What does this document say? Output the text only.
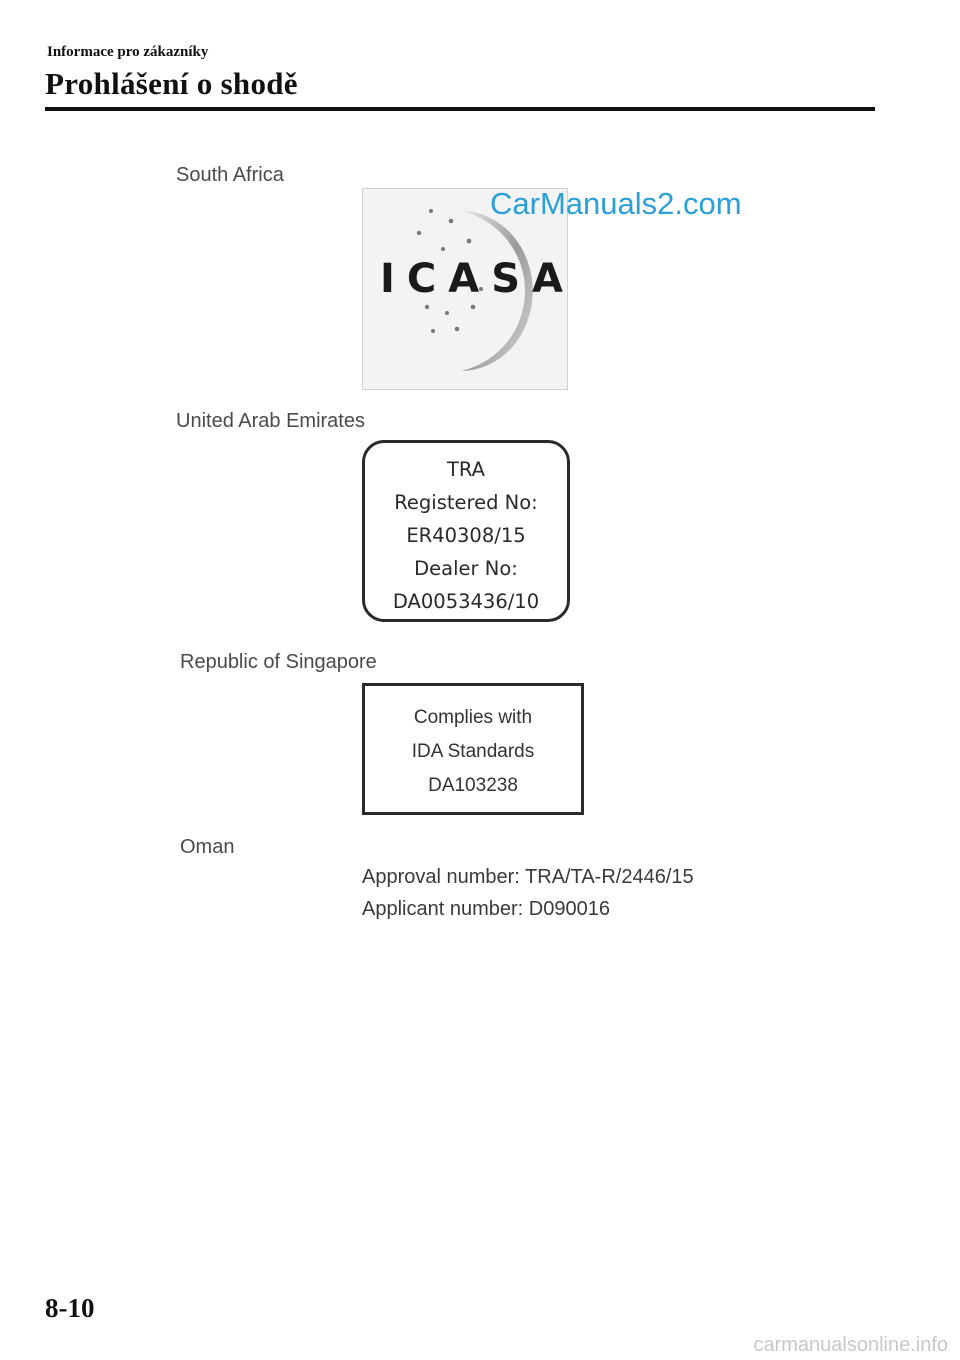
Informace pro zákazníky
Prohlášení o shodě
South Africa
ICASA
United Arab Emirates
TRA
Registered No:
ER40308/15
Dealer No:
DA0053436/10
Republic of Singapore
Complies with
IDA Standards
DA103238
Oman
Approval number: TRA/TA-R/2446/15
Applicant number: D090016
CarManuals2.com
8-10
carmanualsonline.info
